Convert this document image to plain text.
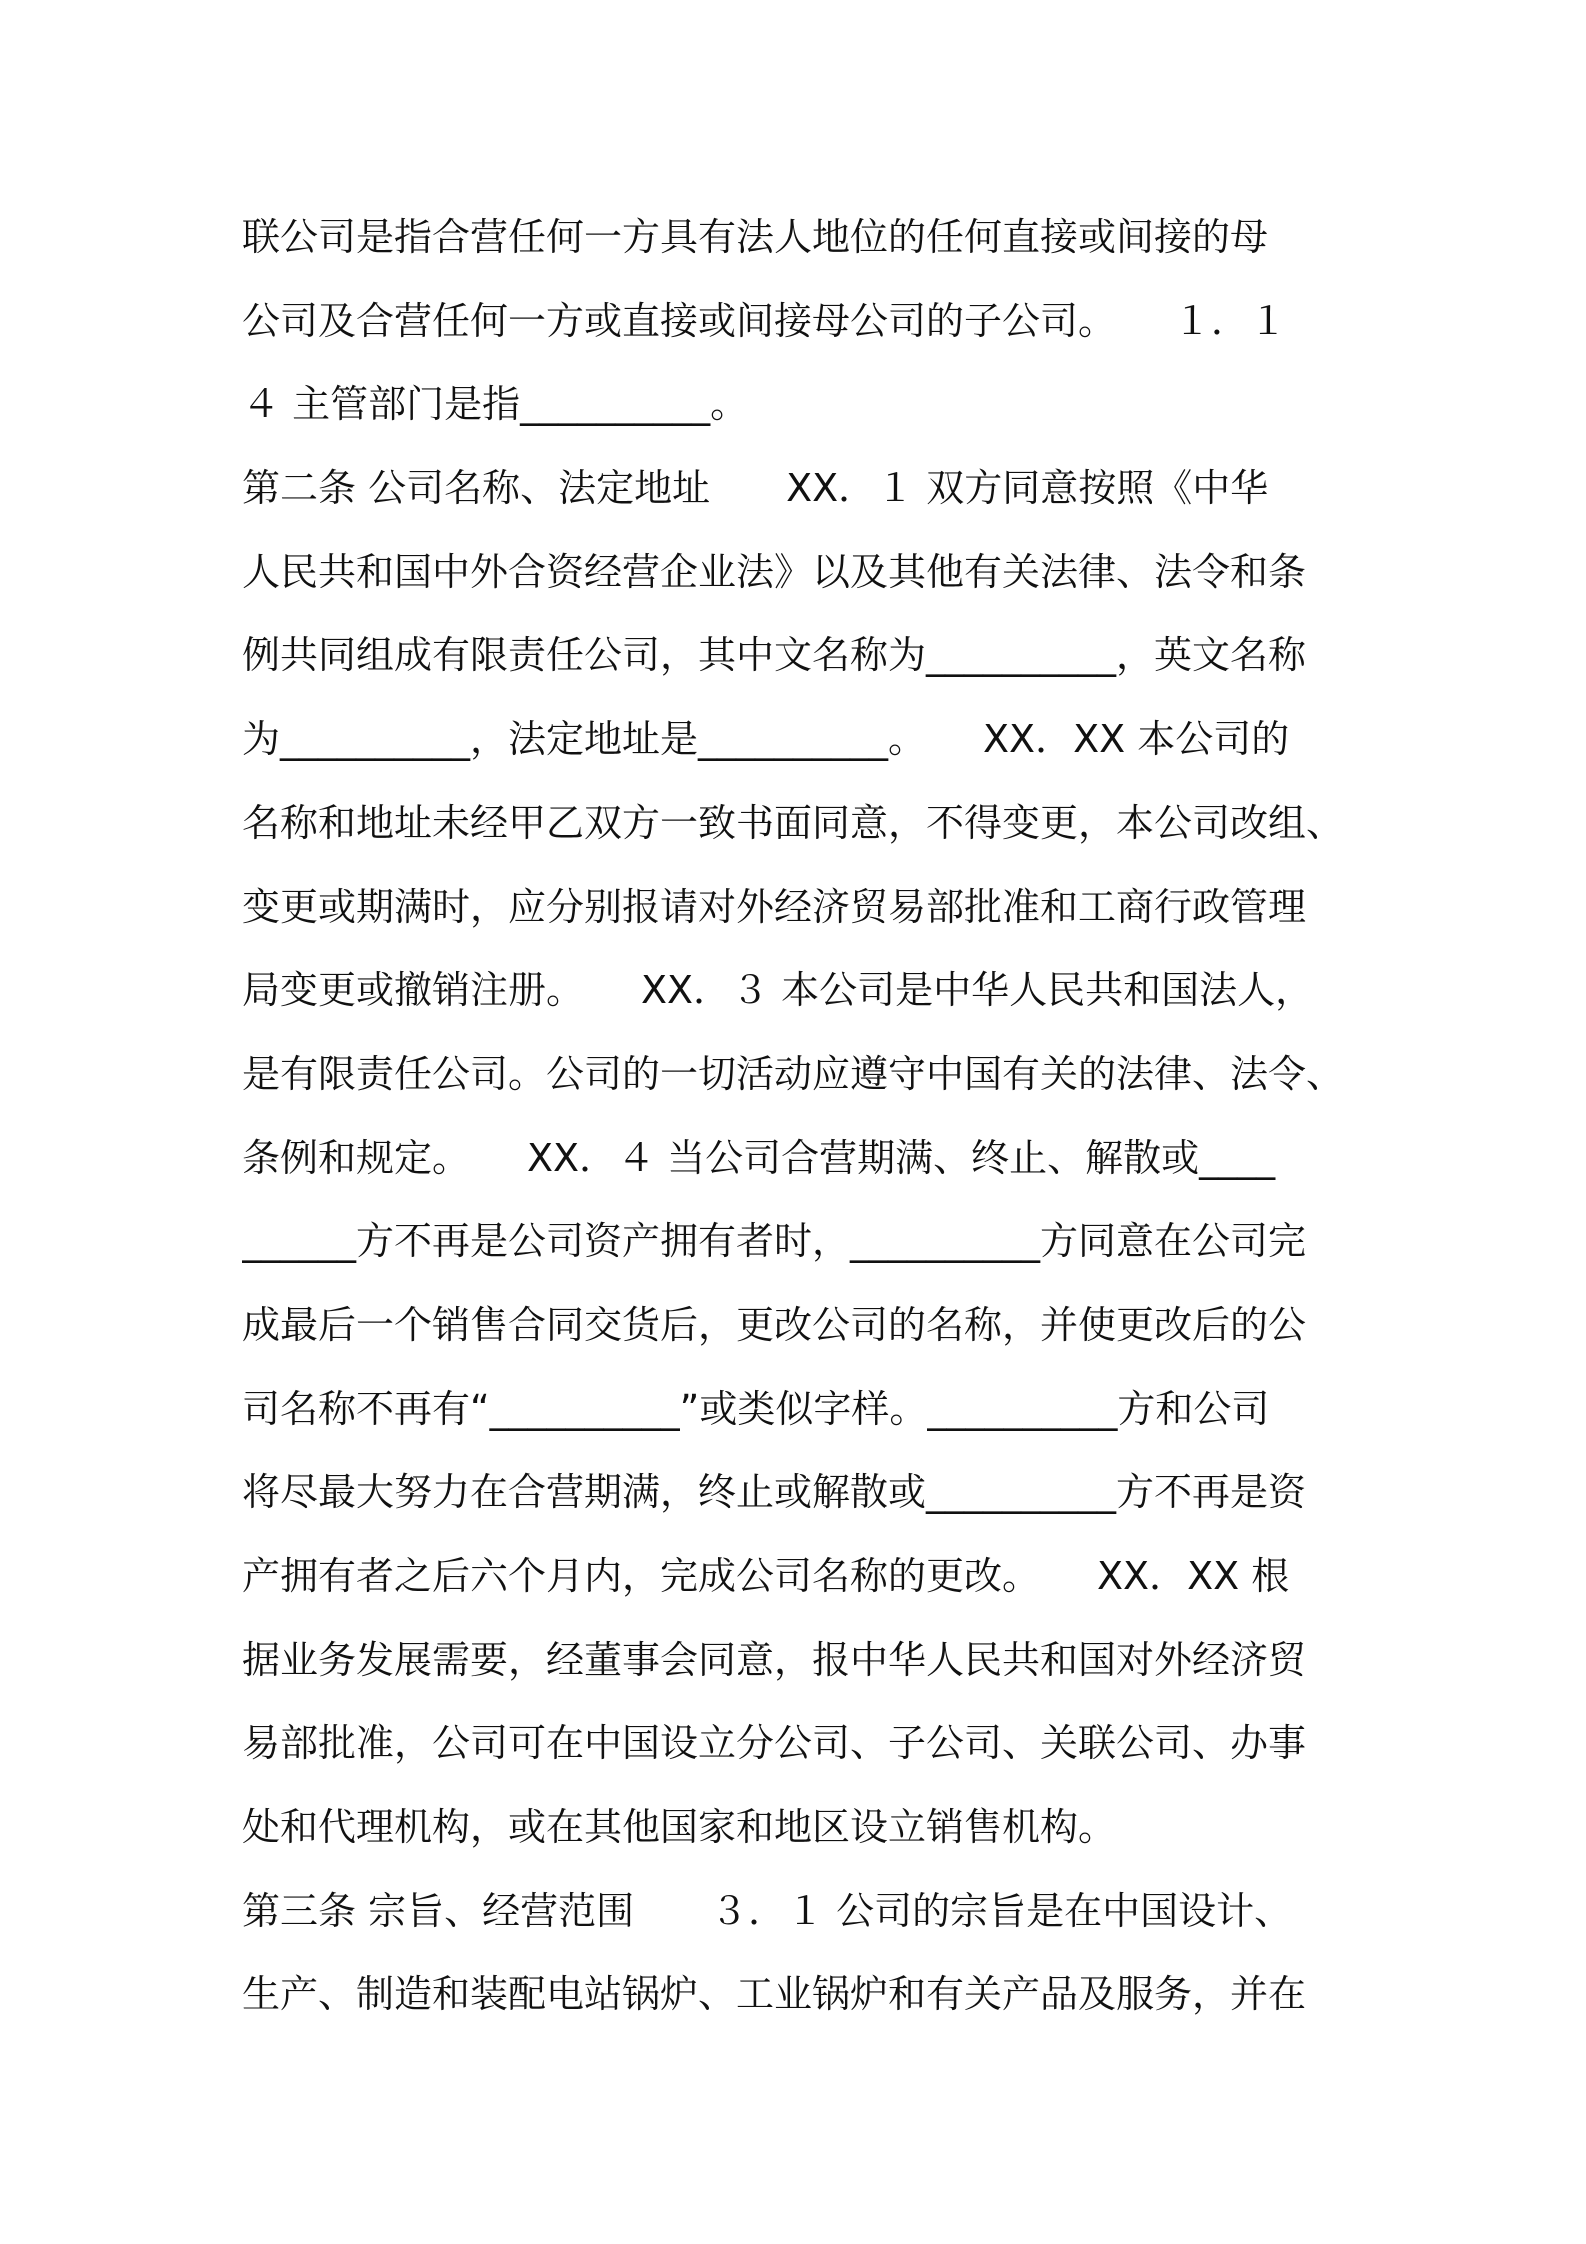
联公司是指合营任何一方具有法人地位的任何直接或间接的母
公司及合营任何一方或直接或间接母公司的子公司。　　１．１
４ 主管部门是指__________。
第二条 公司名称、法定地址　　XX．１ 双方同意按照《中华
人民共和国中外合资经营企业法》以及其他有关法律、法令和条
例共同组成有限责任公司，其中文名称为__________，英文名称
为__________，法定地址是__________。　　XX．XX 本公司的
名称和地址未经甲乙双方一致书面同意，不得变更，本公司改组、
变更或期满时，应分别报请对外经济贸易部批准和工商行政管理
局变更或撤销注册。　　XX．３ 本公司是中华人民共和国法人，
是有限责任公司。公司的一切活动应遵守中国有关的法律、法令、
条例和规定。　　XX．４ 当公司合营期满、终止、解散或____
______方不再是公司资产拥有者时，__________方同意在公司完
成最后一个销售合同交货后，更改公司的名称，并使更改后的公
司名称不再有“__________”或类似字样。__________方和公司
将尽最大努力在合营期满，终止或解散或__________方不再是资
产拥有者之后六个月内，完成公司名称的更改。　　XX．XX 根
据业务发展需要，经董事会同意，报中华人民共和国对外经济贸
易部批准，公司可在中国设立分公司、子公司、关联公司、办事
处和代理机构，或在其他国家和地区设立销售机构。
第三条 宗旨、经营范围　　３．１ 公司的宗旨是在中国设计、
生产、制造和装配电站锅炉、工业锅炉和有关产品及服务，并在
